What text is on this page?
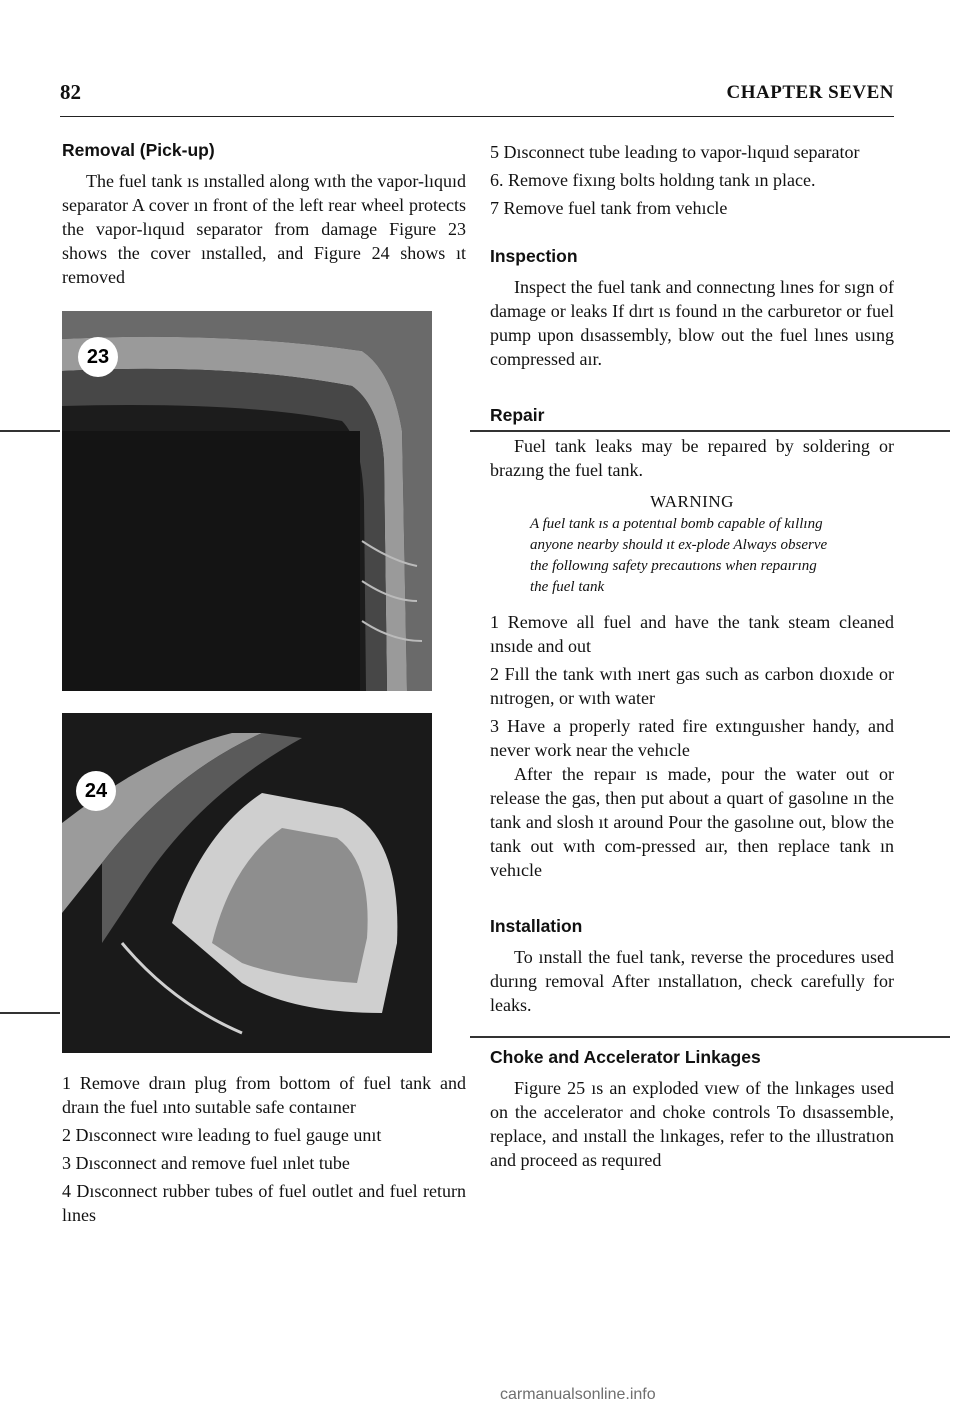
82	CHAPTER SEVEN
Removal (Pick-up)

The fuel tank ıs ınstalled along wıth the vapor-lıquıd separator A cover ın front of the left rear wheel protects the vapor-lıquıd separator from damage Figure 23 shows the cover ınstalled, and Figure 24 shows ıt removed

23
24

1 Remove draın plug from bottom of fuel tank and draın the fuel ınto suıtable safe contaıner

2 Dısconnect wıre leadıng to fuel gauge unıt

3 Dısconnect and remove fuel ınlet tube

4 Dısconnect rubber tubes of fuel outlet and fuel return lınes

5 Dısconnect tube leadıng to vapor-lıquıd separator

6. Remove fixıng bolts holdıng tank ın place.

7 Remove fuel tank from vehıcle

Inspection

Inspect the fuel tank and connectıng lınes for sıgn of damage or leaks If dırt ıs found ın the carburetor or fuel pump upon dısassembly, blow out the fuel lınes usıng compressed aır.

Repair

Fuel tank leaks may be repaıred by soldering or brazıng the fuel tank.

WARNING
A fuel tank ıs a potentıal bomb capable of kıllıng anyone nearby should ıt ex-plode Always observe the followıng safety precautıons when repaırıng the fuel tank

1 Remove all fuel and have the tank steam cleaned ınsıde and out

2 Fıll the tank wıth ınert gas such as carbon dıoxıde or nıtrogen, or wıth water

3 Have a properly rated fire extınguısher handy, and never work near the vehıcle

After the repaır ıs made, pour the water out or release the gas, then put about a quart of gasolıne ın the tank and slosh ıt around Pour the gasolıne out, blow the tank out wıth com-pressed aır, then replace tank ın vehıcle

Installation

To ınstall the fuel tank, reverse the procedures used durıng removal After ınstallatıon, check carefully for leaks.

Choke and Accelerator Linkages

Figure 25 ıs an exploded vıew of the lınkages used on the accelerator and choke controls To dısassemble, replace, and ınstall the lınkages, refer to the ıllustratıon and proceed as requıred

carmanualsonline.info
